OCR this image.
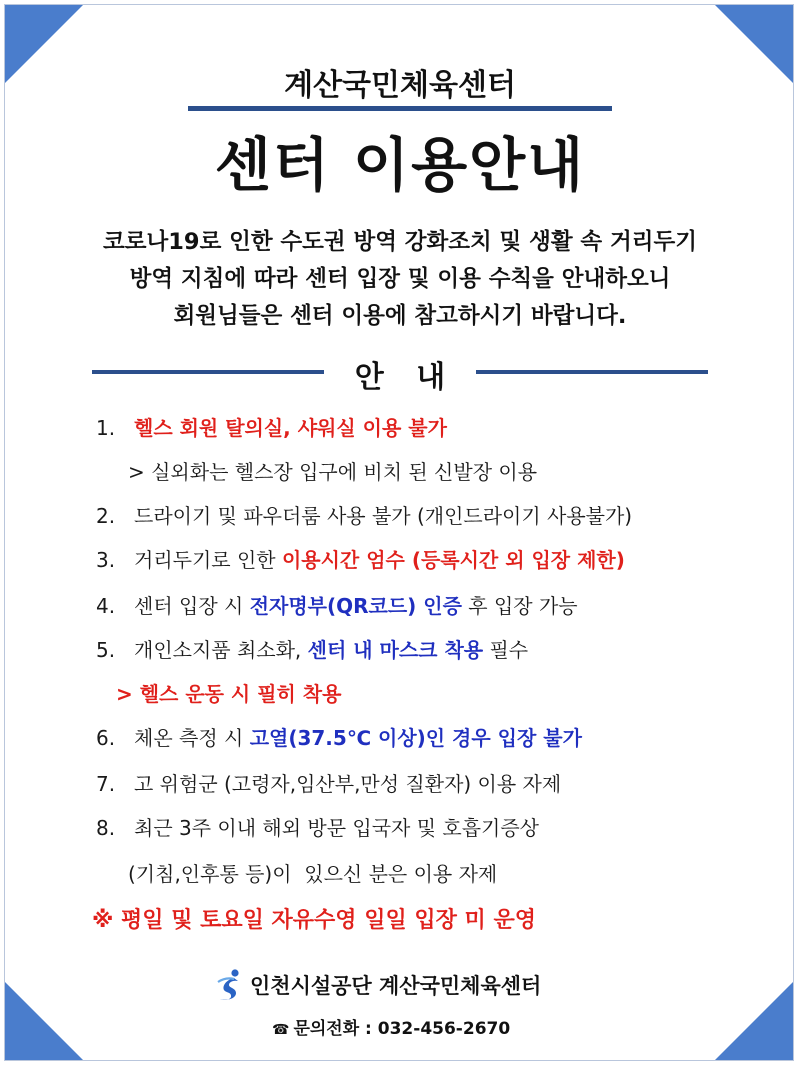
계산국민체육센터
센터 이용안내
코로나19로 인한 수도권 방역 강화조치 및 생활 속 거리두기
방역 지침에 따라 센터 입장 및 이용 수칙을 안내하오니
회원님들은 센터 이용에 참고하시기 바랍니다.
안 내
1. 헬스 회원 탈의실, 샤워실 이용 불가
> 실외화는 헬스장 입구에 비치 된 신발장 이용
2. 드라이기 및 파우더룸 사용 불가 (개인드라이기 사용불가)
3. 거리두기로 인한 이용시간 엄수 (등록시간 외 입장 제한)
4. 센터 입장 시 전자명부(QR코드) 인증 후 입장 가능
5. 개인소지품 최소화, 센터 내 마스크 착용 필수
> 헬스 운동 시 필히 착용
6. 체온 측정 시 고열(37.5℃ 이상)인 경우 입장 불가
7. 고 위험군 (고령자,임산부,만성 질환자) 이용 자제
8. 최근 3주 이내 해외 방문 입국자 및 호흡기증상
(기침,인후통 등)이  있으신 분은 이용 자제
※ 평일 및 토요일 자유수영 일일 입장 미 운영
인천시설공단 계산국민체육센터
☎ 문의전화 : 032-456-2670
